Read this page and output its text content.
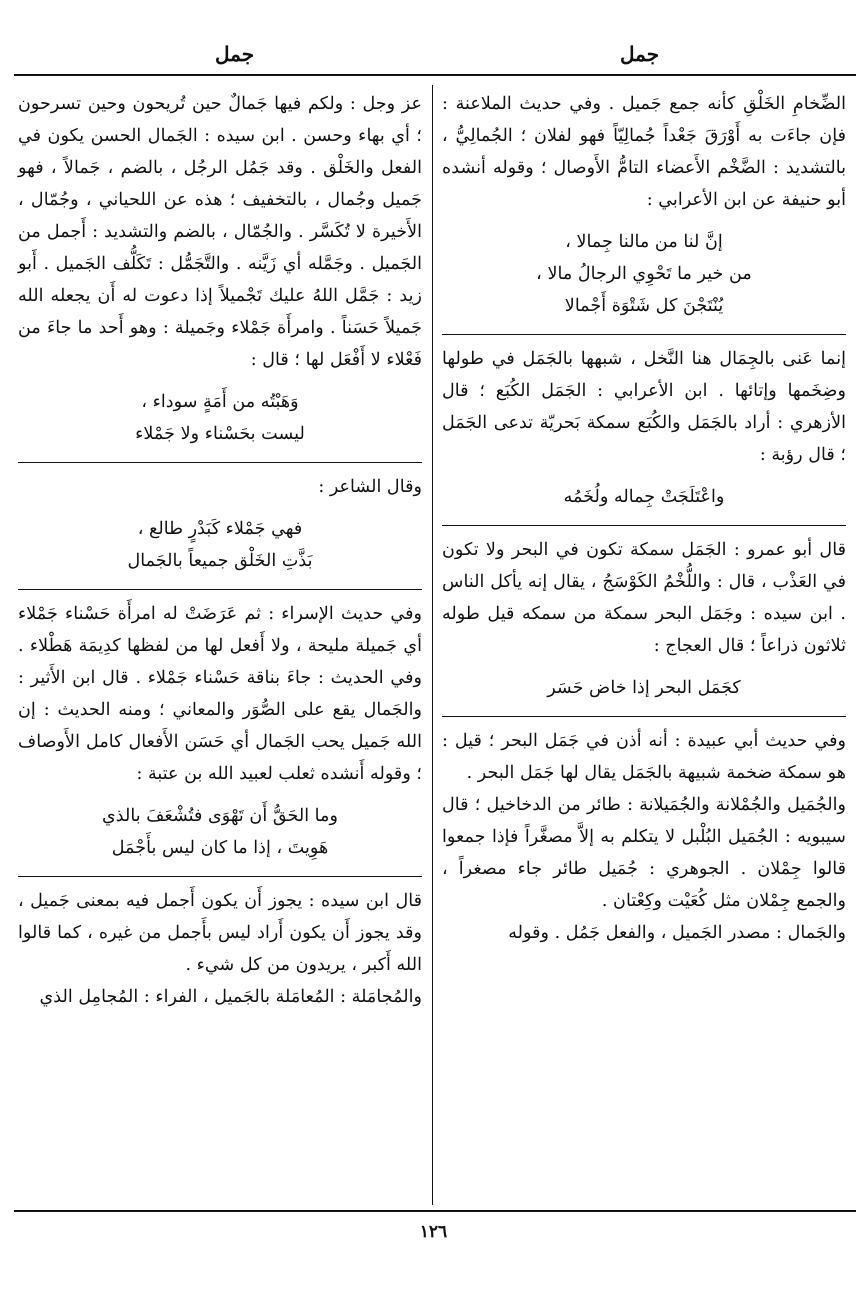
جمل
جمل

الضِّخامِ الخَلْقِ كأنه جمع جَميل . وفي حديث الملاعنة : فإن جاءَت به أَوْرَقَ جَعْداً جُمالِيّاً فهو لفلان ؛ الجُمالِيُّ ، بالتشديد : الضَّخْم الأَعضاء التامُّ الأَوصال ؛ وقوله أنشده أبو حنيفة عن ابن الأعرابي :

إنَّ لنا من مالنا جِمالا ،

من خير ما تَحْوِي الرجالُ مالا ،

يُنْتَجْنَ كل شَتْوَة أَجْمالا

إنما عَنى بالجِمَال هنا النَّخل ، شبهها بالجَمَل في طولها وضِخَمها وإتائها . ابن الأعرابي : الجَمَل الكُبَع ؛ قال الأزهري : أراد بالجَمَل والكُبَع سمكة بَحريّة تدعى الجَمَل ؛ قال رؤبة :

واعْتَلَجَتْ جِماله ولُخَمُه

قال أبو عمرو : الجَمَل سمكة تكون في البحر ولا تكون في العَذْب ، قال : واللُّخْمُ الكَوْسَجُ ، يقال إنه يأكل الناس . ابن سيده : وجَمَل البحر سمكة من سمكه قيل طوله ثلاثون ذراعاً ؛ قال العجاج :

كجَمَل البحر إذا خاض حَسَر

وفي حديث أبي عبيدة : أنه أذن في جَمَل البحر ؛ قيل : هو سمكة ضخمة شبيهة بالجَمَل يقال لها جَمَل البحر .

والجُمَيل والجُمْلانة والجُمَيلانة : طائر من الدخاخيل ؛ قال سيبويه : الجُمَيل البُلْبل لا يتكلم به إلاَّ مصغَّراً فإذا جمعوا قالوا جِمْلان . الجوهري : جُمَيل طائر جاء مصغراً ، والجمع جِمْلان مثل كُعَيْت وكِعْتان .

والجَمال : مصدر الجَميل ، والفعل جَمُل . وقوله

عز وجل : ولكم فيها جَمالٌ حين تُريحون وحين تسرحون ؛ أي بهاء وحسن . ابن سيده : الجَمال الحسن يكون في الفعل والخَلْق . وقد جَمُل الرجُل ، بالضم ، جَمالاً ، فهو جَميل وجُمال ، بالتخفيف ؛ هذه عن اللحياني ، وجُمّال ، الأَخيرة لا تُكَسَّر . والجُمّال ، بالضم والتشديد : أَجمل من الجَميل . وجَمَّله أي زَيَّنه . والتَّجَمُّل : تَكَلُّف الجَميل . أَبو زيد : جَمَّل اللهُ عليك تَجْميلاً إذا دعوت له أَن يجعله الله جَميلاً حَسَناً . وامرأَة جَمْلاء وجَميلة : وهو أَحد ما جاءَ من فَعْلاء لا أَفْعَل لها ؛ قال :

وَهَبْتُه من أَمَةٍ سوداء ،

ليست بحَسْناء ولا جَمْلاء

وقال الشاعر :

فهي جَمْلاء كَبَدْرٍ طالع ،

بَذَّتِ الخَلْق جميعاً بالجَمال

وفي حديث الإسراء : ثم عَرَضَتْ له امرأَة حَسْناء جَمْلاء أي جَميلة مليحة ، ولا أَفعل لها من لفظها كدِيمَة هَطْلاء . وفي الحديث : جاءَ بناقة حَسْناء جَمْلاء . قال ابن الأَثير : والجَمال يقع على الصُّوَر والمعاني ؛ ومنه الحديث : إن الله جَميل يحب الجَمال أي حَسَن الأَفعال كامل الأَوصاف ؛ وقوله أَنشده ثعلب لعبيد الله بن عتبة :

وما الحَقُّ أَن تَهْوَى فتُشْعَفَ بالذي

هَوِيتَ ، إذا ما كان ليس بأَجْمَل

قال ابن سيده : يجوز أَن يكون أَجمل فيه بمعنى جَميل ، وقد يجوز أَن يكون أَراد ليس بأَجمل من غيره ، كما قالوا الله أَكبر ، يريدون من كل شيء .

والمُجامَلة : المُعامَلة بالجَميل ، الفراء : المُجامِل الذي

١٢٦
